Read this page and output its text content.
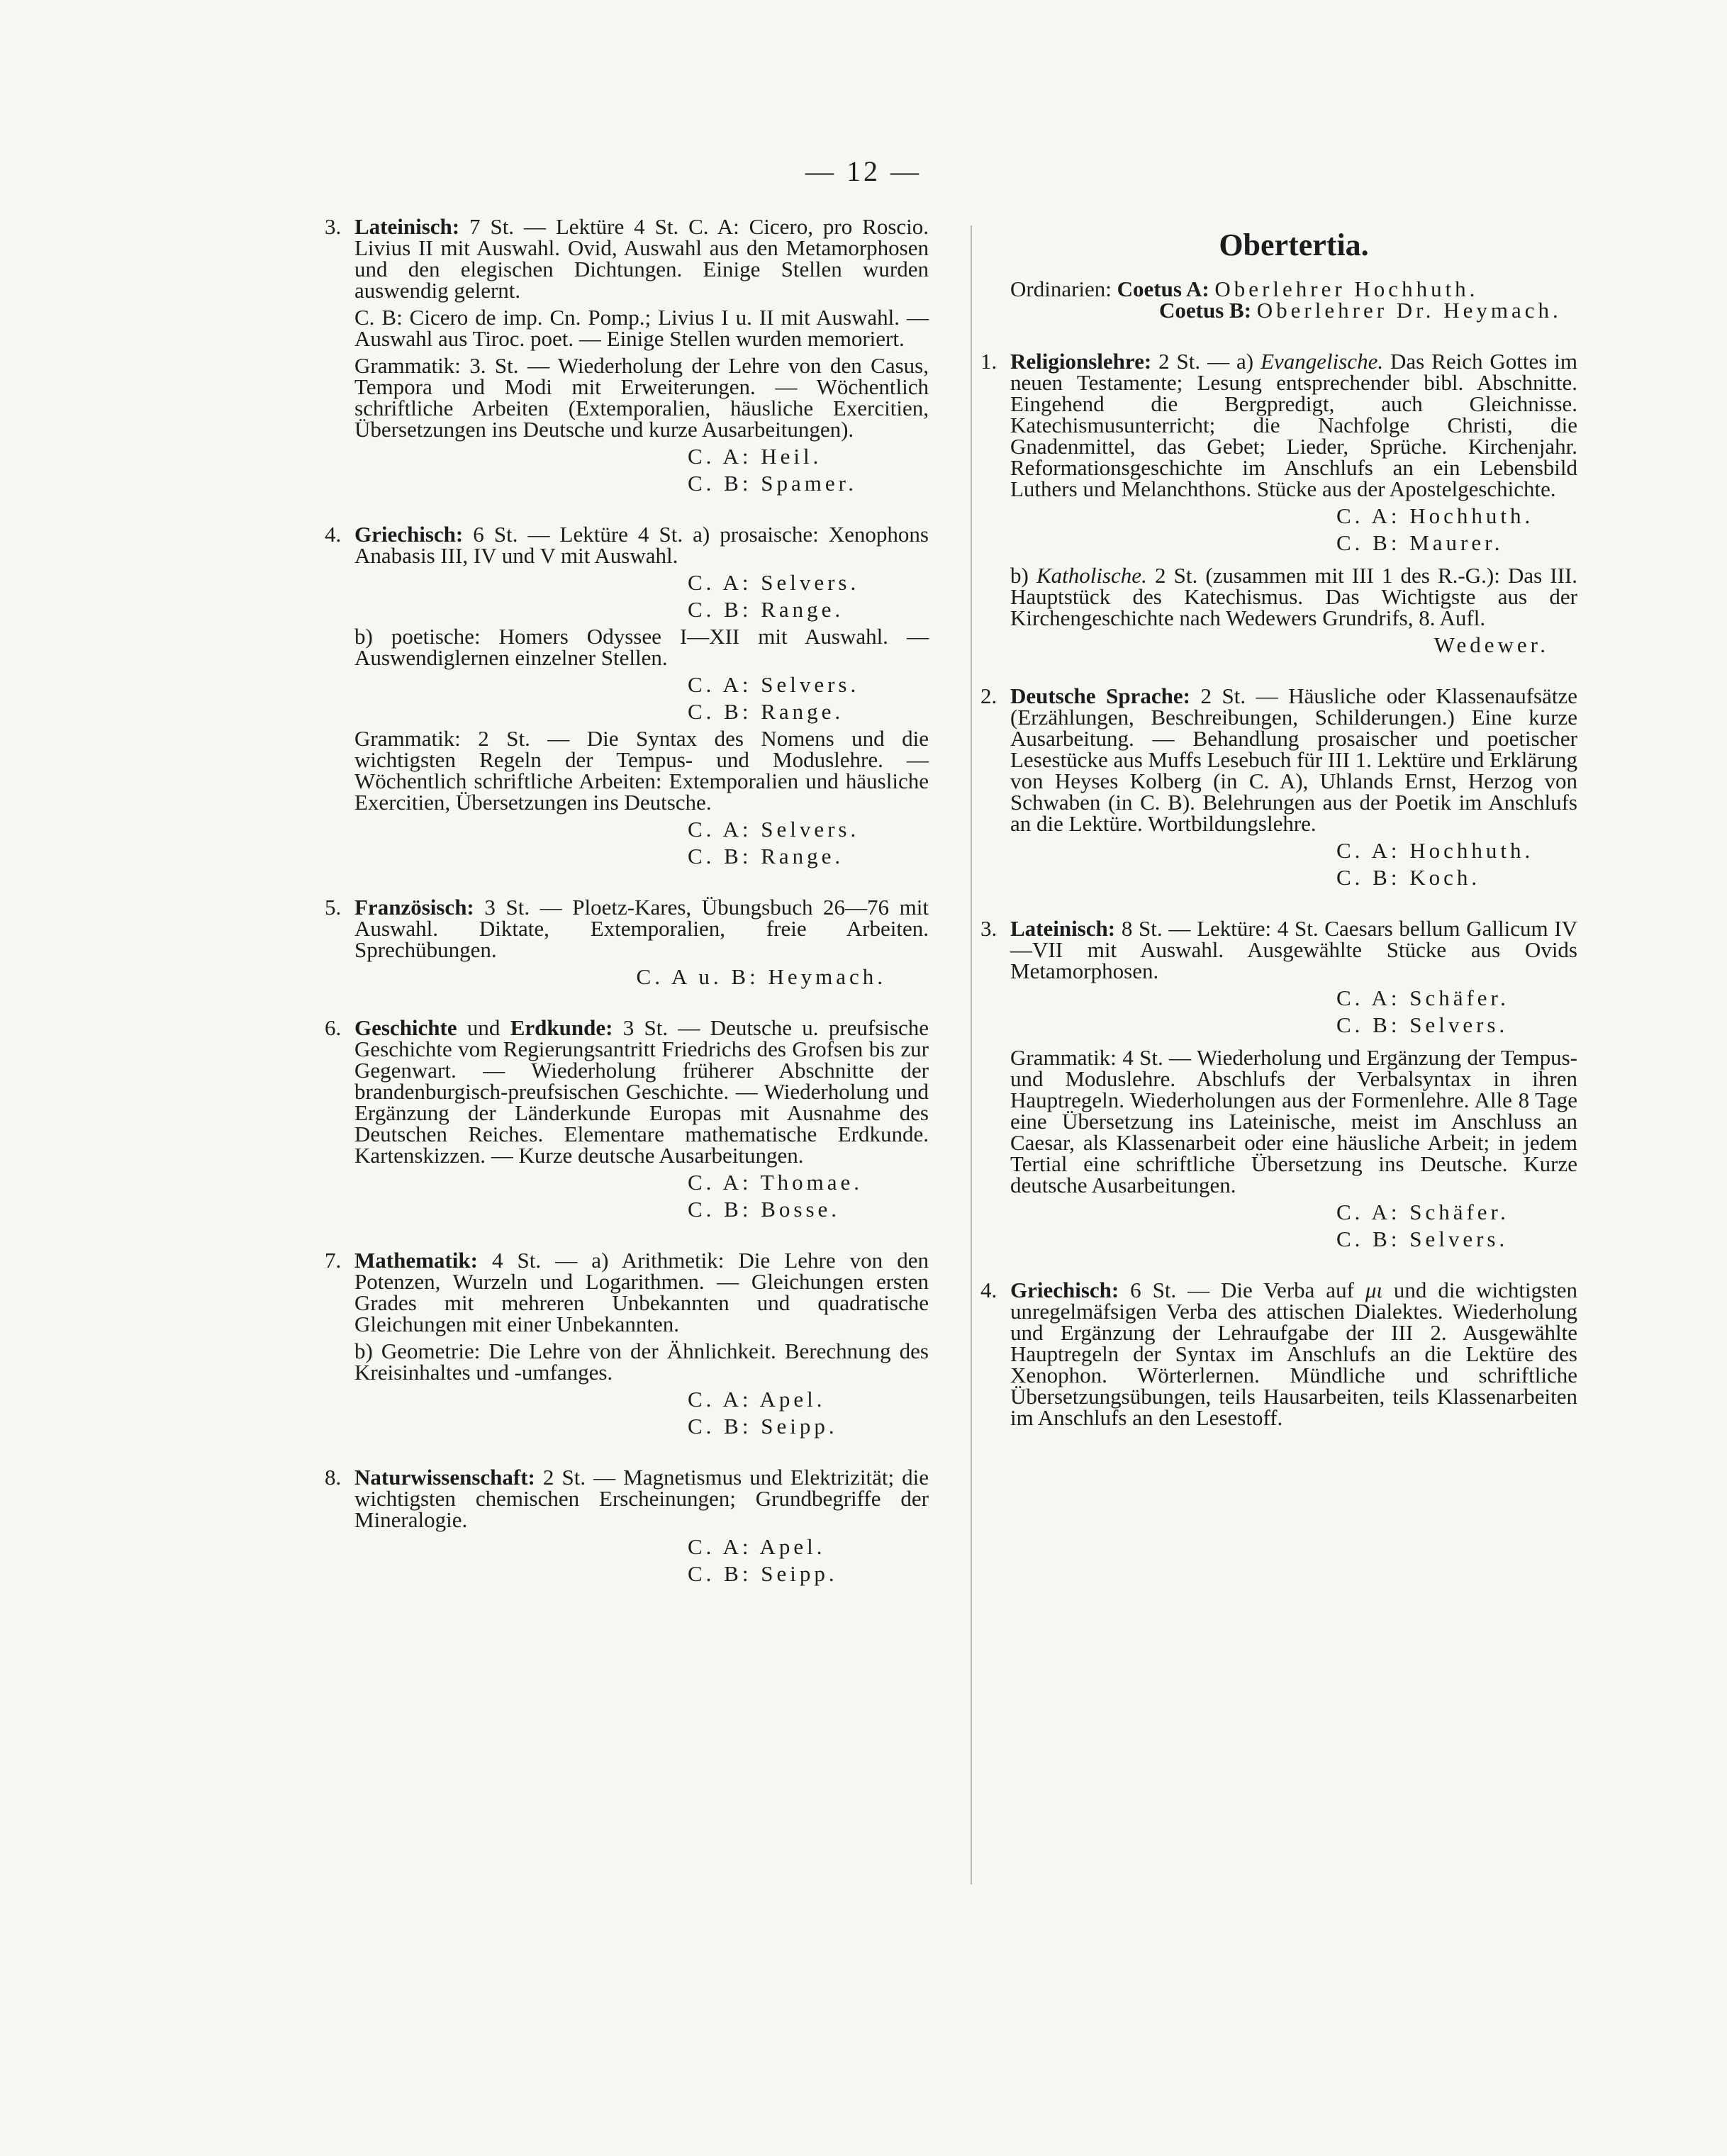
— 12 —

3. Lateinisch: 7 St. — Lektüre 4 St. C. A: Cicero, pro Roscio. Livius II mit Auswahl. Ovid, Auswahl aus den Metamorphosen und den elegischen Dichtungen. Einige Stellen wurden auswendig gelernt.

C. B: Cicero de imp. Cn. Pomp.; Livius I u. II mit Auswahl. — Auswahl aus Tiroc. poet. — Einige Stellen wurden memoriert.

Grammatik: 3. St. — Wiederholung der Lehre von den Casus, Tempora und Modi mit Erweiterungen. — Wöchentlich schriftliche Arbeiten (Extemporalien, häusliche Exercitien, Übersetzungen ins Deutsche und kurze Ausarbeitungen).

C. A: Heil.

C. B: Spamer.

4. Griechisch: 6 St. — Lektüre 4 St. a) prosaische: Xenophons Anabasis III, IV und V mit Auswahl.

C. A: Selvers.

C. B: Range.

b) poetische: Homers Odyssee I—XII mit Auswahl. — Auswendiglernen einzelner Stellen.

C. A: Selvers.

C. B: Range.

Grammatik: 2 St. — Die Syntax des Nomens und die wichtigsten Regeln der Tempus- und Moduslehre. — Wöchentlich schriftliche Arbeiten: Extemporalien und häusliche Exercitien, Übersetzungen ins Deutsche.

C. A: Selvers.

C. B: Range.

5. Französisch: 3 St. — Ploetz-Kares, Übungsbuch 26—76 mit Auswahl. Diktate, Extemporalien, freie Arbeiten. Sprechübungen.

C. A u. B: Heymach.

6. Geschichte und Erdkunde: 3 St. — Deutsche u. preufsische Geschichte vom Regierungsantritt Friedrichs des Grofsen bis zur Gegenwart. — Wiederholung früherer Abschnitte der brandenburgisch-preufsischen Geschichte. — Wiederholung und Ergänzung der Länderkunde Europas mit Ausnahme des Deutschen Reiches. Elementare mathematische Erdkunde. Kartenskizzen. — Kurze deutsche Ausarbeitungen.

C. A: Thomae.

C. B: Bosse.

7. Mathematik: 4 St. — a) Arithmetik: Die Lehre von den Potenzen, Wurzeln und Logarithmen. — Gleichungen ersten Grades mit mehreren Unbekannten und quadratische Gleichungen mit einer Unbekannten.

b) Geometrie: Die Lehre von der Ähnlichkeit. Berechnung des Kreisinhaltes und -umfanges.

C. A: Apel.

C. B: Seipp.

8. Naturwissenschaft: 2 St. — Magnetismus und Elektrizität; die wichtigsten chemischen Erscheinungen; Grundbegriffe der Mineralogie.

C. A: Apel.

C. B: Seipp.

Obertertia.
Ordinarien:
Coetus A:
Oberlehrer Hochhuth.
Coetus B:
Oberlehrer Dr. Heymach.

1. Religionslehre: 2 St. — a) Evangelische. Das Reich Gottes im neuen Testamente; Lesung entsprechender bibl. Abschnitte. Eingehend die Bergpredigt, auch Gleichnisse. Katechismusunterricht; die Nachfolge Christi, die Gnadenmittel, das Gebet; Lieder, Sprüche. Kirchenjahr. Reformationsgeschichte im Anschlufs an ein Lebensbild Luthers und Melanchthons. Stücke aus der Apostelgeschichte.

C. A: Hochhuth.

C. B: Maurer.

b) Katholische. 2 St. (zusammen mit III 1 des R.-G.): Das III. Hauptstück des Katechismus. Das Wichtigste aus der Kirchengeschichte nach Wedewers Grundrifs, 8. Aufl.

Wedewer.

2. Deutsche Sprache: 2 St. — Häusliche oder Klassenaufsätze (Erzählungen, Beschreibungen, Schilderungen.) Eine kurze Ausarbeitung. — Behandlung prosaischer und poetischer Lesestücke aus Muffs Lesebuch für III 1. Lektüre und Erklärung von Heyses Kolberg (in C. A), Uhlands Ernst, Herzog von Schwaben (in C. B). Belehrungen aus der Poetik im Anschlufs an die Lektüre. Wortbildungslehre.

C. A: Hochhuth.

C. B: Koch.

3. Lateinisch: 8 St. — Lektüre: 4 St. Caesars bellum Gallicum IV—VII mit Auswahl. Ausgewählte Stücke aus Ovids Metamorphosen.

C. A: Schäfer.

C. B: Selvers.

Grammatik: 4 St. — Wiederholung und Ergänzung der Tempus- und Moduslehre. Abschlufs der Verbalsyntax in ihren Hauptregeln. Wiederholungen aus der Formenlehre. Alle 8 Tage eine Übersetzung ins Lateinische, meist im Anschluss an Caesar, als Klassenarbeit oder eine häusliche Arbeit; in jedem Tertial eine schriftliche Übersetzung ins Deutsche. Kurze deutsche Ausarbeitungen.

C. A: Schäfer.

C. B: Selvers.

4. Griechisch: 6 St. — Die Verba auf μι und die wichtigsten unregelmäfsigen Verba des attischen Dialektes. Wiederholung und Ergänzung der Lehraufgabe der III 2. Ausgewählte Hauptregeln der Syntax im Anschlufs an die Lektüre des Xenophon. Wörterlernen. Mündliche und schriftliche Übersetzungsübungen, teils Hausarbeiten, teils Klassenarbeiten im Anschlufs an den Lesestoff.
